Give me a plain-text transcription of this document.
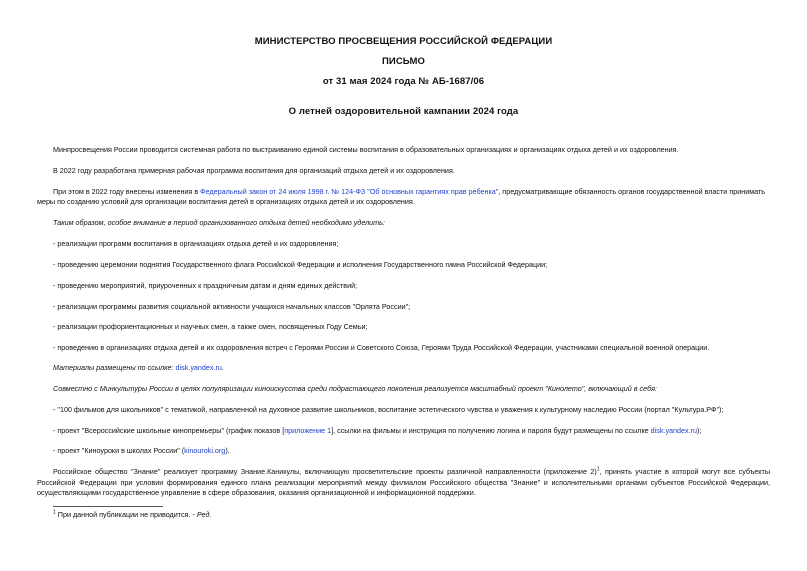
МИНИСТЕРСТВО ПРОСВЕЩЕНИЯ РОССИЙСКОЙ ФЕДЕРАЦИИ
ПИСЬМО
от 31 мая 2024 года № АБ-1687/06
О летней оздоровительной кампании 2024 года
Минпросвещения России проводится системная работа по выстраиванию единой системы воспитания в образовательных организациях и организациях отдыха детей и их оздоровления.
В 2022 году разработана примерная рабочая программа воспитания для организаций отдыха детей и их оздоровления.
При этом в 2022 году внесены изменения в Федеральный закон от 24 июля 1998 г. № 124-ФЗ "Об основных гарантиях прав ребенка", предусматривающие обязанность органов государственной власти принимать
меры по созданию условий для организации воспитания детей в организациях отдыха детей и их оздоровления.
Таким образом, особое внимание в период организованного отдыха детей необходимо уделить:
- реализации программ воспитания в организациях отдыха детей и их оздоровления;
- проведению церемонии поднятия Государственного флага Российской Федерации и исполнения Государственного гимна Российской Федерации;
- проведению мероприятий, приуроченных к праздничным датам и дням единых действий;
- реализации программы развития социальной активности учащихся начальных классов "Орлята России";
- реализации профориентационных и научных смен, а также смен, посвященных Году Семьи;
- проведению в организациях отдыха детей и их оздоровления встреч с Героями России и Советского Союза, Героями Труда Российской Федерации, участниками специальной военной операции.
Материалы размещены по ссылке: disk.yandex.ru.
Совместно с Минкультуры России в целях популяризации киноискусства среди подрастающего поколения реализуется масштабный проект "Кинолето", включающий в себя:
- "100 фильмов для школьников" с тематикой, направленной на духовное развитие школьников, воспитание эстетического чувства и уважения к культурному наследию России (портал "Культура.РФ");
- проект "Всероссийские школьные кинопремьеры" (график показов [приложение 1], ссылки на фильмы и инструкция по получению логина и пароля будут размещены по ссылке disk.yandex.ru);
- проект "Киноуроки в школах России" (kinouroki.org).
Российское общество "Знание" реализует программу Знание.Каникулы, включающую просветительские проекты различной направленности (приложение 2)$^1$, принять участие в которой могут все субъекты Российской Федерации при условии формирования единого плана реализации мероприятий между филиалом Российского общества "Знание" и исполнительными органами субъектов Российской Федерации, осуществляющими государственное управление в сфере образования, оказания организационной и информационной поддержки.
$^1$ При данной публикации не приводится. - Ред.
